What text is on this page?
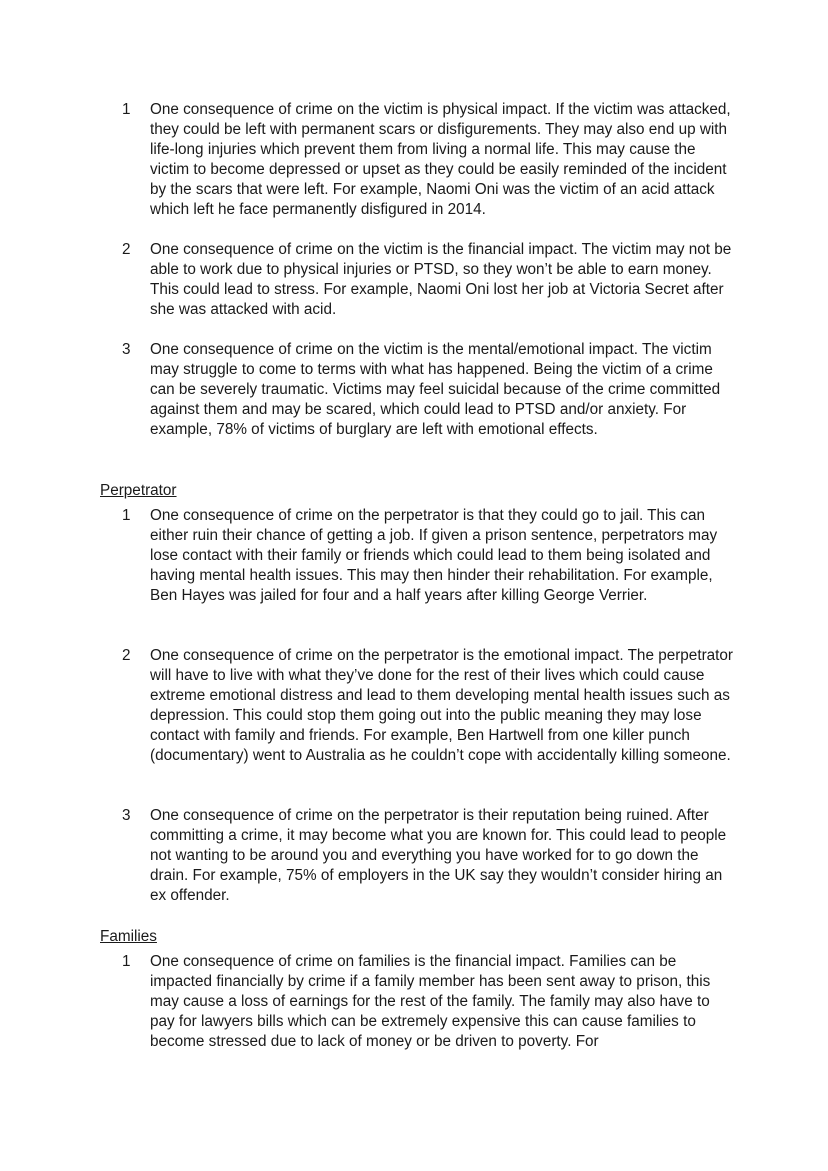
1	One consequence of crime on the victim is physical impact. If the victim was attacked, they could be left with permanent scars or disfigurements. They may also end up with life-long injuries which prevent them from living a normal life. This may cause the victim to become depressed or upset as they could be easily reminded of the incident by the scars that were left. For example, Naomi Oni was the victim of an acid attack which left he face permanently disfigured in 2014.

2	One consequence of crime on the victim is the financial impact. The victim may not be able to work due to physical injuries or PTSD, so they won’t be able to earn money. This could lead to stress. For example, Naomi Oni lost her job at Victoria Secret after she was attacked with acid.

3	One consequence of crime on the victim is the mental/emotional impact. The victim may struggle to come to terms with what has happened. Being the victim of a crime can be severely traumatic. Victims may feel suicidal because of the crime committed against them and may be scared, which could lead to PTSD and/or anxiety. For example, 78% of victims of burglary are left with emotional effects.

Perpetrator

1	One consequence of crime on the perpetrator is that they could go to jail. This can either ruin their chance of getting a job. If given a prison sentence, perpetrators may lose contact with their family or friends which could lead to them being isolated and having mental health issues. This may then hinder their rehabilitation. For example, Ben Hayes was jailed for four and a half years after killing George Verrier.

2	One consequence of crime on the perpetrator is the emotional impact. The perpetrator will have to live with what they’ve done for the rest of their lives which could cause extreme emotional distress and lead to them developing mental health issues such as depression. This could stop them going out into the public meaning they may lose contact with family and friends. For example, Ben Hartwell from one killer punch (documentary) went to Australia as he couldn’t cope with accidentally killing someone.

3	One consequence of crime on the perpetrator is their reputation being ruined. After committing a crime, it may become what you are known for. This could lead to people not wanting to be around you and everything you have worked for to go down the drain. For example, 75% of employers in the UK say they wouldn’t consider hiring an ex offender.

Families

1	One consequence of crime on families is the financial impact. Families can be impacted financially by crime if a family member has been sent away to prison, this may cause a loss of earnings for the rest of the family. The family may also have to pay for lawyers bills which can be extremely expensive this can cause families to become stressed due to lack of money or be driven to poverty. For
